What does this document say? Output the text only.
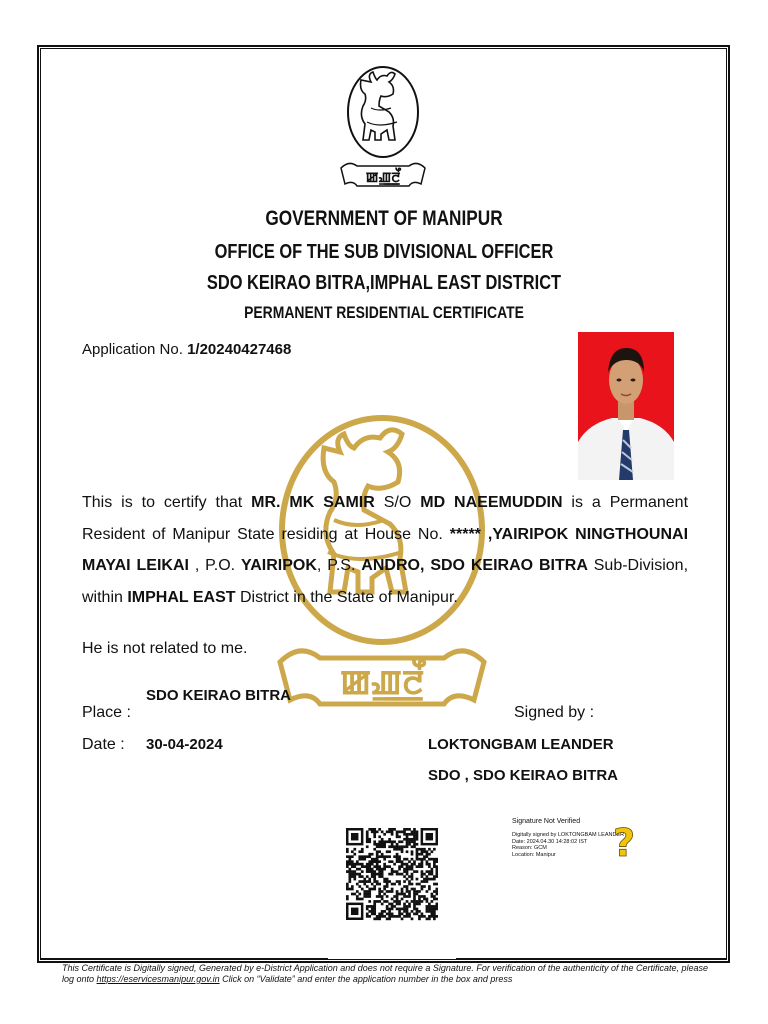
ꯀꯉ꯭ꯂꯩ
ꯀꯉ꯭ꯂꯩ
GOVERNMENT OF MANIPUR
OFFICE OF THE SUB DIVISIONAL OFFICER
SDO KEIRAO BITRA,IMPHAL EAST DISTRICT
PERMANENT RESIDENTIAL CERTIFICATE
Application No. 1/20240427468
This is to certify that MR. MK SAMIR S/O MD NAEEMUDDIN is a Permanent Resident of Manipur State residing at House No. ***** ,YAIRIPOK NINGTHOUNAI MAYAI LEIKAI , P.O. YAIRIPOK, P.S. ANDRO, SDO KEIRAO BITRA Sub-Division, within IMPHAL EAST District in the State of Manipur.
He is not related to me.
Place :
SDO KEIRAO BITRA
Signed by :
Date : 30-04-2024	LOKTONGBAM LEANDER
SDO , SDO KEIRAO BITRA
Signature Not Verified
Digitally signed by LOKTONGBAM LEANDER
Date: 2024.04.30 14:28:02 IST
Reason: GCM
Location: Manipur	?
This Certificate is Digitally signed, Generated by e-District Application and does not require a Signature. For verification of the authenticity of the Certificate, please log onto https://eservicesmanipur.gov.in Click on “Validate” and enter the application number in the box and press
